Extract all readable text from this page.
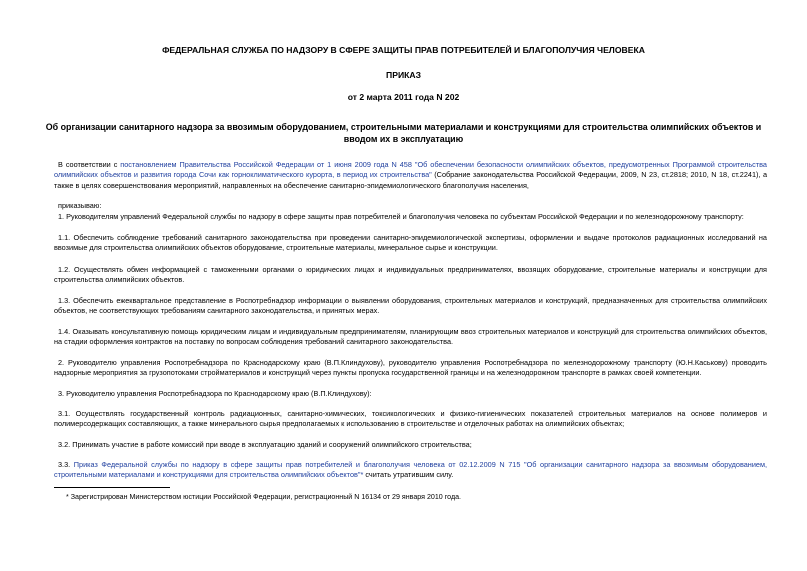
ФЕДЕРАЛЬНАЯ СЛУЖБА ПО НАДЗОРУ В СФЕРЕ ЗАЩИТЫ ПРАВ ПОТРЕБИТЕЛЕЙ И БЛАГОПОЛУЧИЯ ЧЕЛОВЕКА
ПРИКАЗ
от 2 марта 2011 года N 202
Об организации санитарного надзора за ввозимым оборудованием, строительными материалами и конструкциями для строительства олимпийских объектов и вводом их в эксплуатацию

В соответствии с постановлением Правительства Российской Федерации от 1 июня 2009 года N 458 "Об обеспечении безопасности олимпийских объектов, предусмотренных Программой строительства олимпийских объектов и развития города Сочи как горноклиматического курорта, в период их строительства" (Собрание законодательства Российской Федерации, 2009, N 23, ст.2818; 2010, N 18, ст.2241), а также в целях совершенствования мероприятий, направленных на обеспечение санитарно-эпидемиологического благополучия населения,

приказываю:

1. Руководителям управлений Федеральной службы по надзору в сфере защиты прав потребителей и благополучия человека по субъектам Российской Федерации и по железнодорожному транспорту:

1.1. Обеспечить соблюдение требований санитарного законодательства при проведении санитарно-эпидемиологической экспертизы, оформлении и выдаче протоколов радиационных исследований на ввозимые для строительства олимпийских объектов оборудование, строительные материалы, минеральное сырье и конструкции.

1.2. Осуществлять обмен информацией с таможенными органами о юридических лицах и индивидуальных предпринимателях, ввозящих оборудование, строительные материалы и конструкции для строительства олимпийских объектов.

1.3. Обеспечить ежеквартальное представление в Роспотребнадзор информации о выявлении оборудования, строительных материалов и конструкций, предназначенных для строительства олимпийских объектов, не соответствующих требованиям санитарного законодательства, и принятых мерах.

1.4. Оказывать консультативную помощь юридическим лицам и индивидуальным предпринимателям, планирующим ввоз строительных материалов и конструкций для строительства олимпийских объектов, на стадии оформления контрактов на поставку по вопросам соблюдения требований санитарного законодательства.

2. Руководителю управления Роспотребнадзора по Краснодарскому краю (В.П.Клиндухову), руководителю управления Роспотребнадзора по железнодорожному транспорту (Ю.Н.Каськову) проводить надзорные мероприятия за грузопотоками стройматериалов и конструкций через пункты пропуска государственной границы и на железнодорожном транспорте в рамках своей компетенции.

3. Руководителю управления Роспотребнадзора по Краснодарскому краю (В.П.Клиндухову):

3.1. Осуществлять государственный контроль радиационных, санитарно-химических, токсикологических и физико-гигиенических показателей строительных материалов на основе полимеров и полимерсодержащих составляющих, а также минерального сырья предполагаемых к использованию в строительстве и отделочных работах на олимпийских объектах;

3.2. Принимать участие в работе комиссий при вводе в эксплуатацию зданий и сооружений олимпийского строительства;

3.3. Приказ Федеральной службы по надзору в сфере защиты прав потребителей и благополучия человека от 02.12.2009 N 715 "Об организации санитарного надзора за ввозимым оборудованием, строительными материалами и конструкциями для строительства олимпийских объектов"* считать утратившим силу.

* Зарегистрирован Министерством юстиции Российской Федерации, регистрационный N 16134 от 29 января 2010 года.
